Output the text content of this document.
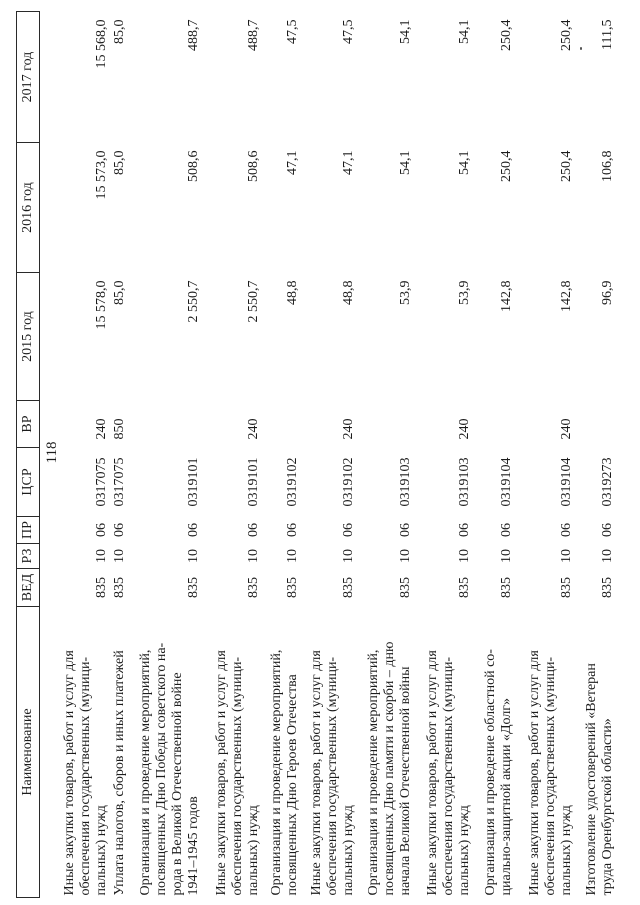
118
Наименование	ВЕД	РЗ	ПР	ЦСР	ВР	2015 год	2016 год	2017 год

Иные закупки товаров, работ и услуг для обеспечения государственных (муници- пальных) нужд	835	10	06	0317075	240	15 578,0	15 573,0	15 568,0

Уплата налогов, сборов и иных платежей	835	10	06	0317075	850	85,0	85,0	85,0

Организация и проведение мероприятий, посвященных Дню Победы советского на- рода в Великой Отечественной войне 1941–1945 годов	835	10	06	0319101		2 550,7	508,6	488,7

Иные закупки товаров, работ и услуг для обеспечения государственных (муници- пальных) нужд	835	10	06	0319101	240	2 550,7	508,6	488,7

Организация и проведение мероприятий, посвященных Дню Героев Отечества	835	10	06	0319102		48,8	47,1	47,5

Иные закупки товаров, работ и услуг для обеспечения государственных (муници- пальных) нужд	835	10	06	0319102	240	48,8	47,1	47,5

Организация и проведение мероприятий, посвященных Дню памяти и скорби – дню начала Великой Отечественной войны	835	10	06	0319103		53,9	54,1	54,1

Иные закупки товаров, работ и услуг для обеспечения государственных (муници- пальных) нужд	835	10	06	0319103	240	53,9	54,1	54,1

Организация и проведение областной со- циально-защитной акции «Долг»	835	10	06	0319104		142,8	250,4	250,4

Иные закупки товаров, работ и услуг для обеспечения государственных (муници- пальных) нужд	835	10	06	0319104	240	142,8	250,4	250,4

Изготовление удостоверений «Ветеран труда Оренбургской области»	835	10	06	0319273		96,9	106,8	111,5
